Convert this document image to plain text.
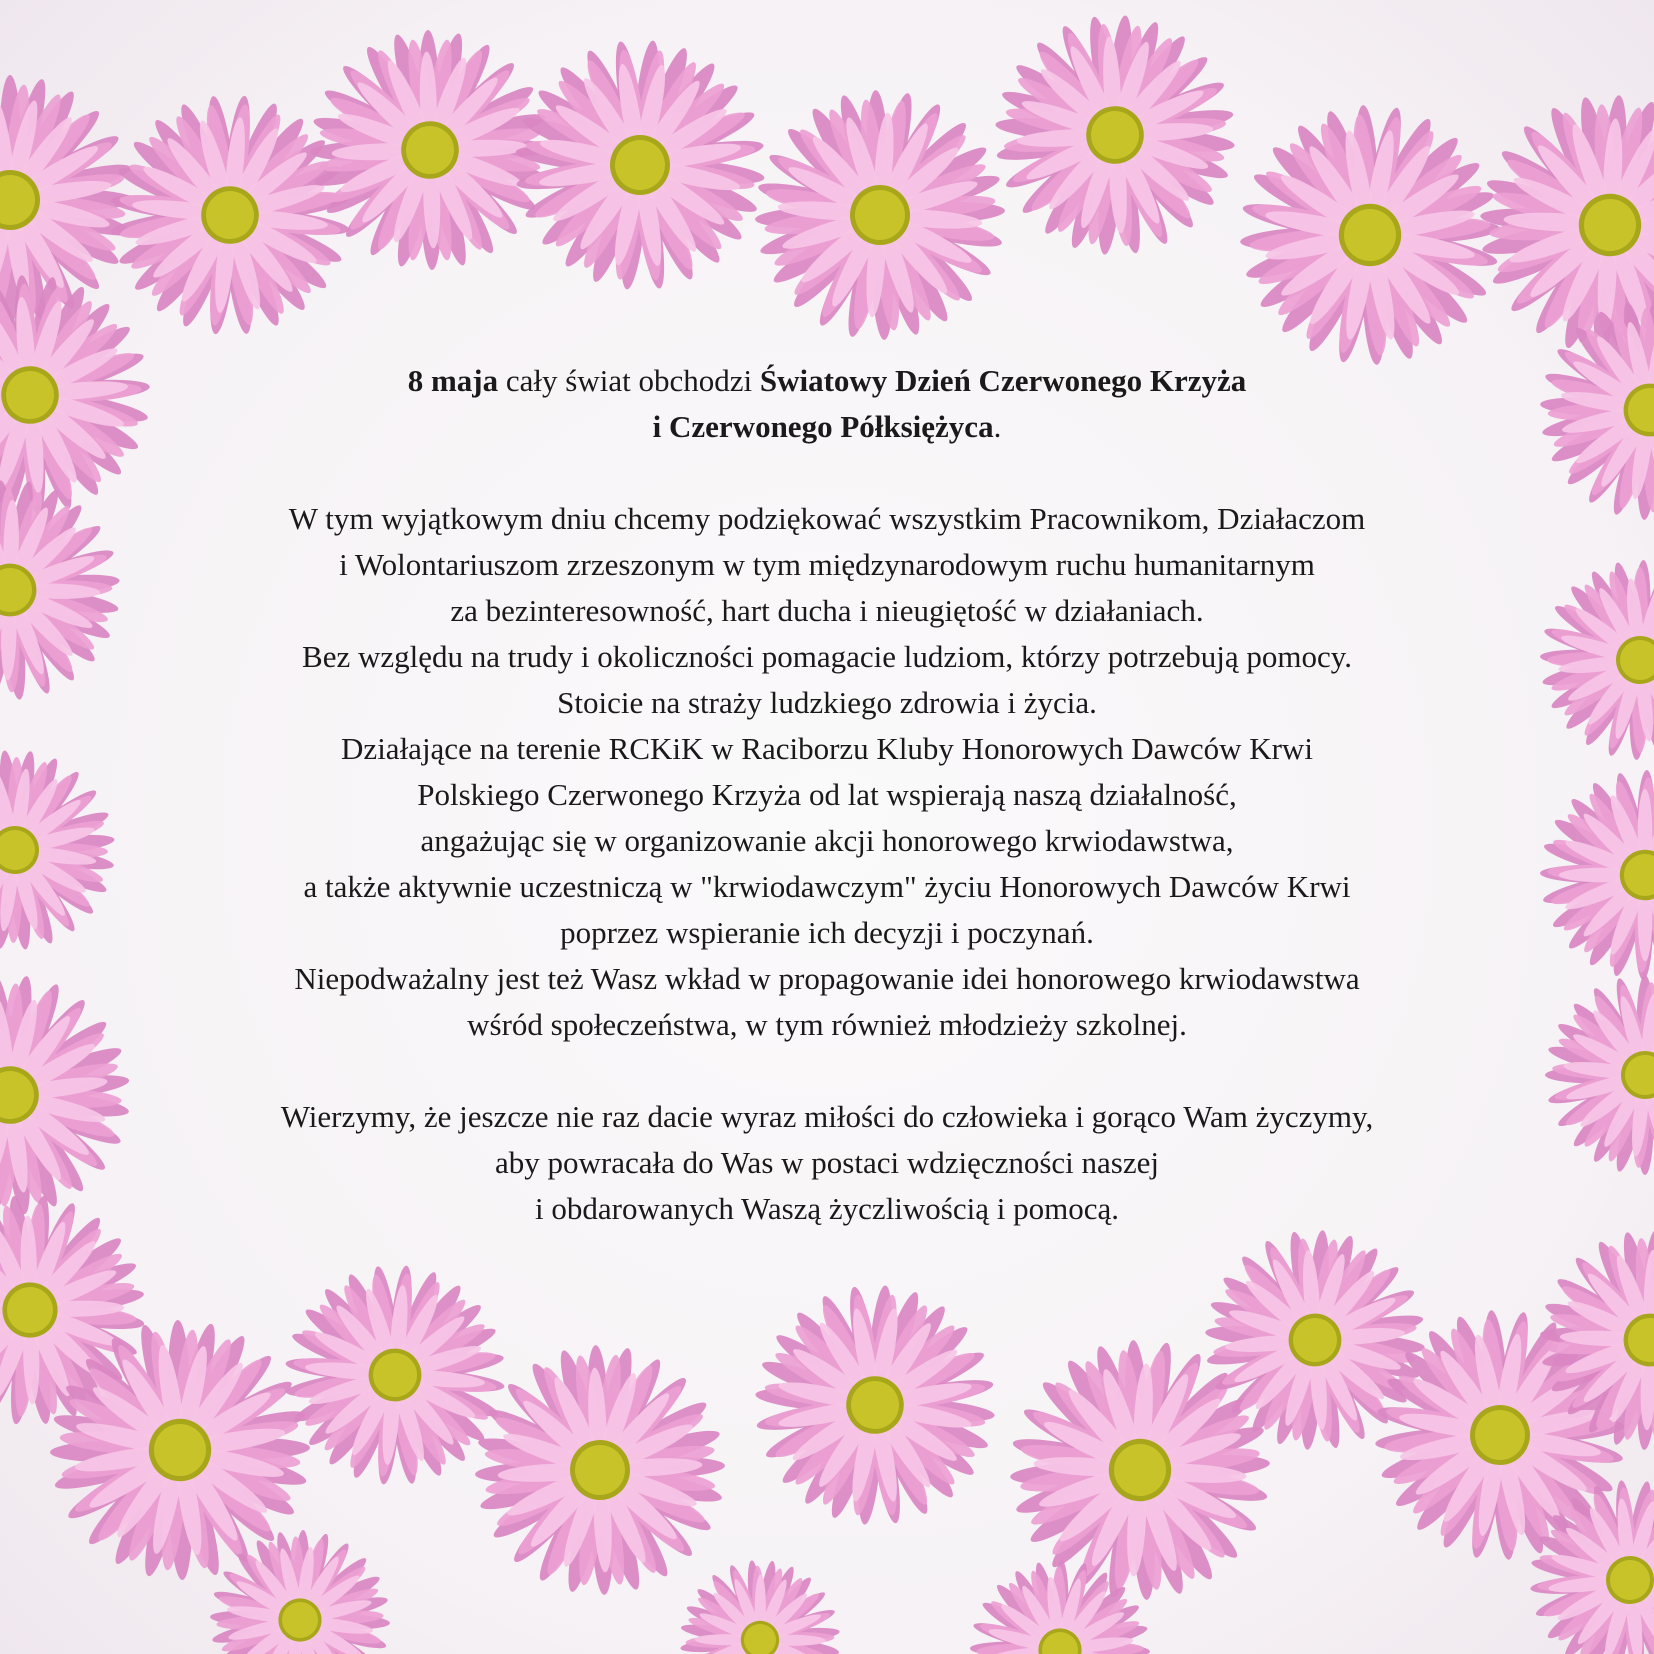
8 maja cały świat obchodzi Światowy Dzień Czerwonego Krzyża
i Czerwonego Półksiężyca.
W tym wyjątkowym dniu chcemy podziękować wszystkim Pracownikom, Działaczom
i Wolontariuszom zrzeszonym w tym międzynarodowym ruchu humanitarnym
za bezinteresowność, hart ducha i nieugiętość w działaniach.
Bez względu na trudy i okoliczności pomagacie ludziom, którzy potrzebują pomocy.
Stoicie na straży ludzkiego zdrowia i życia.
Działające na terenie RCKiK w Raciborzu Kluby Honorowych Dawców Krwi
Polskiego Czerwonego Krzyża od lat wspierają naszą działalność,
angażując się w organizowanie akcji honorowego krwiodawstwa,
a także aktywnie uczestniczą w "krwiodawczym" życiu Honorowych Dawców Krwi
poprzez wspieranie ich decyzji i poczynań.
Niepodważalny jest też Wasz wkład w propagowanie idei honorowego krwiodawstwa
wśród społeczeństwa, w tym również młodzieży szkolnej.
Wierzymy, że jeszcze nie raz dacie wyraz miłości do człowieka i gorąco Wam życzymy,
aby powracała do Was w postaci wdzięczności naszej
i obdarowanych Waszą życzliwością i pomocą.
